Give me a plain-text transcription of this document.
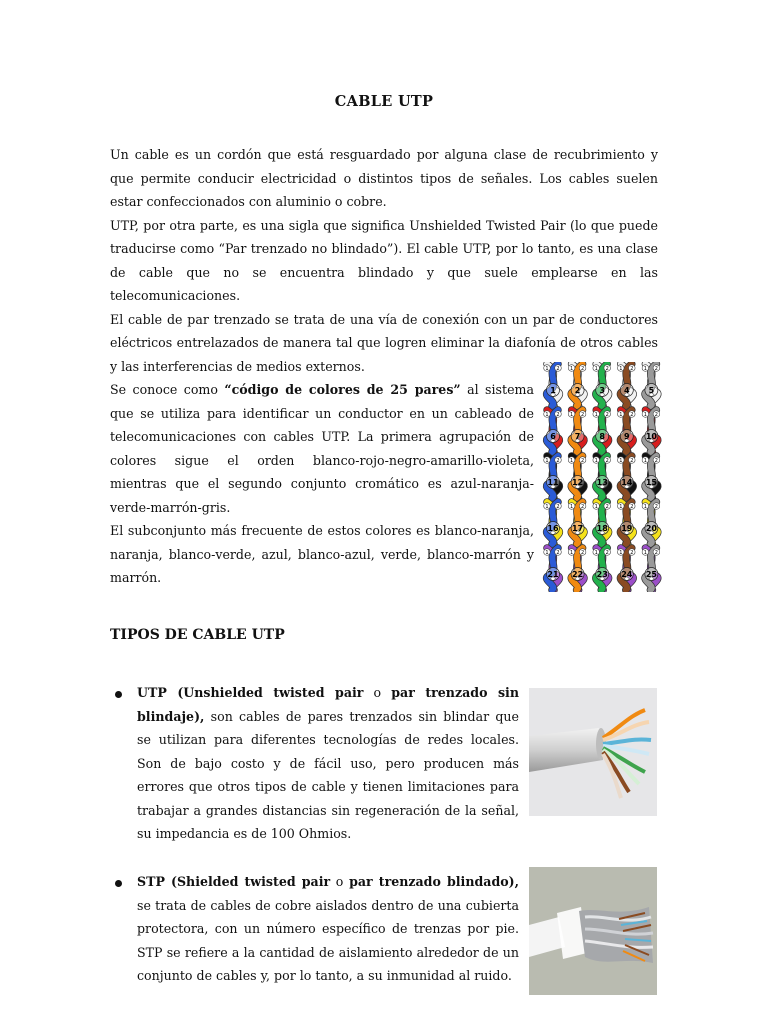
CABLE UTP

Un cable es un cordón que está resguardado por alguna clase de recubrimiento y que permite conducir electricidad o distintos tipos de señales. Los cables suelen estar confeccionados con aluminio o cobre.

UTP, por otra parte, es una sigla que significa Unshielded Twisted Pair (lo que puede traducirse como “Par trenzado no blindado”). El cable UTP, por lo tanto, es una clase de cable que no se encuentra blindado y que suele emplearse en las telecomunicaciones.

El cable de par trenzado se trata de una vía de conexión con un par de conductores eléctricos entrelazados de manera tal que logren eliminar la diafonía de otros cables y las interferencias de medios externos.

Se conoce como “código de colores de 25 pares” al sistema que se utiliza para identificar un conductor en un cableado de telecomunicaciones con cables UTP. La primera agrupación de colores sigue el orden blanco-rojo-negro-amarillo-violeta, mientras que el segundo conjunto cromático es azul-naranja-verde-marrón-gris.

El subconjunto más frecuente de estos colores es blanco-naranja, naranja, blanco-verde, azul, blanco-azul, verde, blanco-marrón y marrón.

1 2
1
1 2
2
1 2
3
1 2
4
1 2
5
1 2
6
1 2
7
1 2
8
1 2
9
1 2
10
1 2
11
1 2
12
1 2
13
1 2
14
1 2
15
1 2
16
1 2
17
1 2
18
1 2
19
1 2
20
1 2
21
1 2
22
1 2
23
1 2
24
1 2
25
TIPOS DE CABLE UTP

UTP (Unshielded twisted pair o par trenzado sin blindaje), son cables de pares trenzados sin blindar que se utilizan para diferentes tecnologías de redes locales. Son de bajo costo y de fácil uso, pero producen más errores que otros tipos de cable y tienen limitaciones para trabajar a grandes distancias sin regeneración de la señal, su impedancia es de 100 Ohmios.

STP (Shielded twisted pair o par trenzado blindado), se trata de cables de cobre aislados dentro de una cubierta protectora, con un número específico de trenzas por pie. STP se refiere a la cantidad de aislamiento alrededor de un conjunto de cables y, por lo tanto, a su inmunidad al ruido.
